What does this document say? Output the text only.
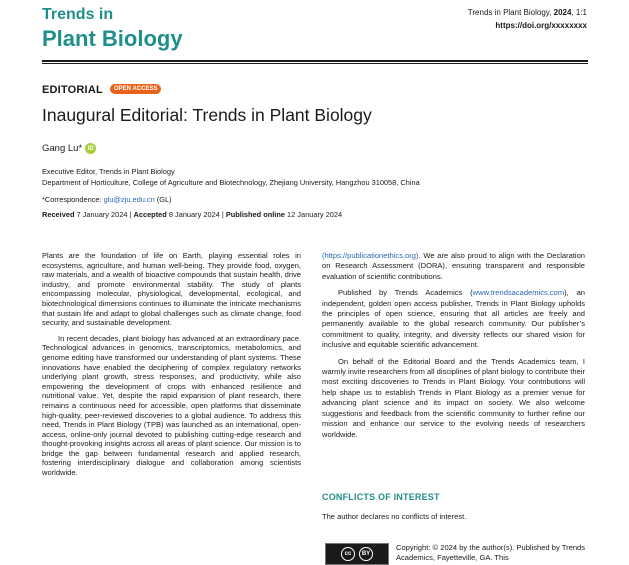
Trends in
Plant Biology
Trends in Plant Biology, 2024, 1:1
https://doi.org/xxxxxxxx
EDITORIAL	OPEN ACCESS
Inaugural Editorial: Trends in Plant Biology
Gang Lu* iD
Executive Editor, Trends in Plant Biology
Department of Horticulture, College of Agriculture and Biotechnology, Zhejiang University, Hangzhou 310058, China
*Correspondence: glu@zju.edu.cn (GL)
Received 7 January 2024 | Accepted 8 January 2024 | Published online 12 January 2024

Plants are the foundation of life on Earth, playing essential roles in ecosystems, agriculture, and human well-being. They provide food, oxygen, raw materials, and a wealth of bioactive compounds that sustain health, drive industry, and promote environmental stability. The study of plants encompassing molecular, physiological, developmental, ecological, and biotechnological dimensions continues to illuminate the intricate mechanisms that sustain life and adapt to global challenges such as climate change, food security, and sustainable development.

In recent decades, plant biology has advanced at an extraordinary pace. Technological advances in genomics, transcriptomics, metabolomics, and genome editing have transformed our understanding of plant systems. These innovations have enabled the deciphering of complex regulatory networks underlying plant growth, stress responses, and productivity, while also empowering the development of crops with enhanced resilience and nutritional value. Yet, despite the rapid expansion of plant research, there remains a continuous need for accessible, open platforms that disseminate high-quality, peer-reviewed discoveries to a global audience. To address this need, Trends in Plant Biology (TPB) was launched as an international, open-access, online-only journal devoted to publishing cutting-edge research and thought-provoking insights across all areas of plant science. Our mission is to bridge the gap between fundamental research and applied research, fostering interdisciplinary dialogue and collaboration among scientists worldwide.

(https://publicationethics.org). We are also proud to align with the Declaration on Research Assessment (DORA), ensuring transparent and responsible evaluation of scientific contributions.

Published by Trends Academics (www.trendsacademics.com), an independent, golden open access publisher, Trends in Plant Biology upholds the principles of open science, ensuring that all articles are freely and permanently available to the global research community. Our publisher’s commitment to quality, integrity, and diversity reflects our shared vision for inclusive and equitable scientific advancement.

On behalf of the Editorial Board and the Trends Academics team, I warmly invite researchers from all disciplines of plant biology to contribute their most exciting discoveries to Trends in Plant Biology. Your contributions will help shape us to establish Trends in Plant Biology as a premier venue for advancing plant science and its impact on society. We also welcome suggestions and feedback from the scientific community to further refine our mission and enhance our service to the evolving needs of researchers worldwide.

CONFLICTS OF INTEREST
The author declares no conflicts of interest.
cc	BY
Copyright: © 2024 by the author(s). Published by Trends Academics, Fayetteville, GA. This
